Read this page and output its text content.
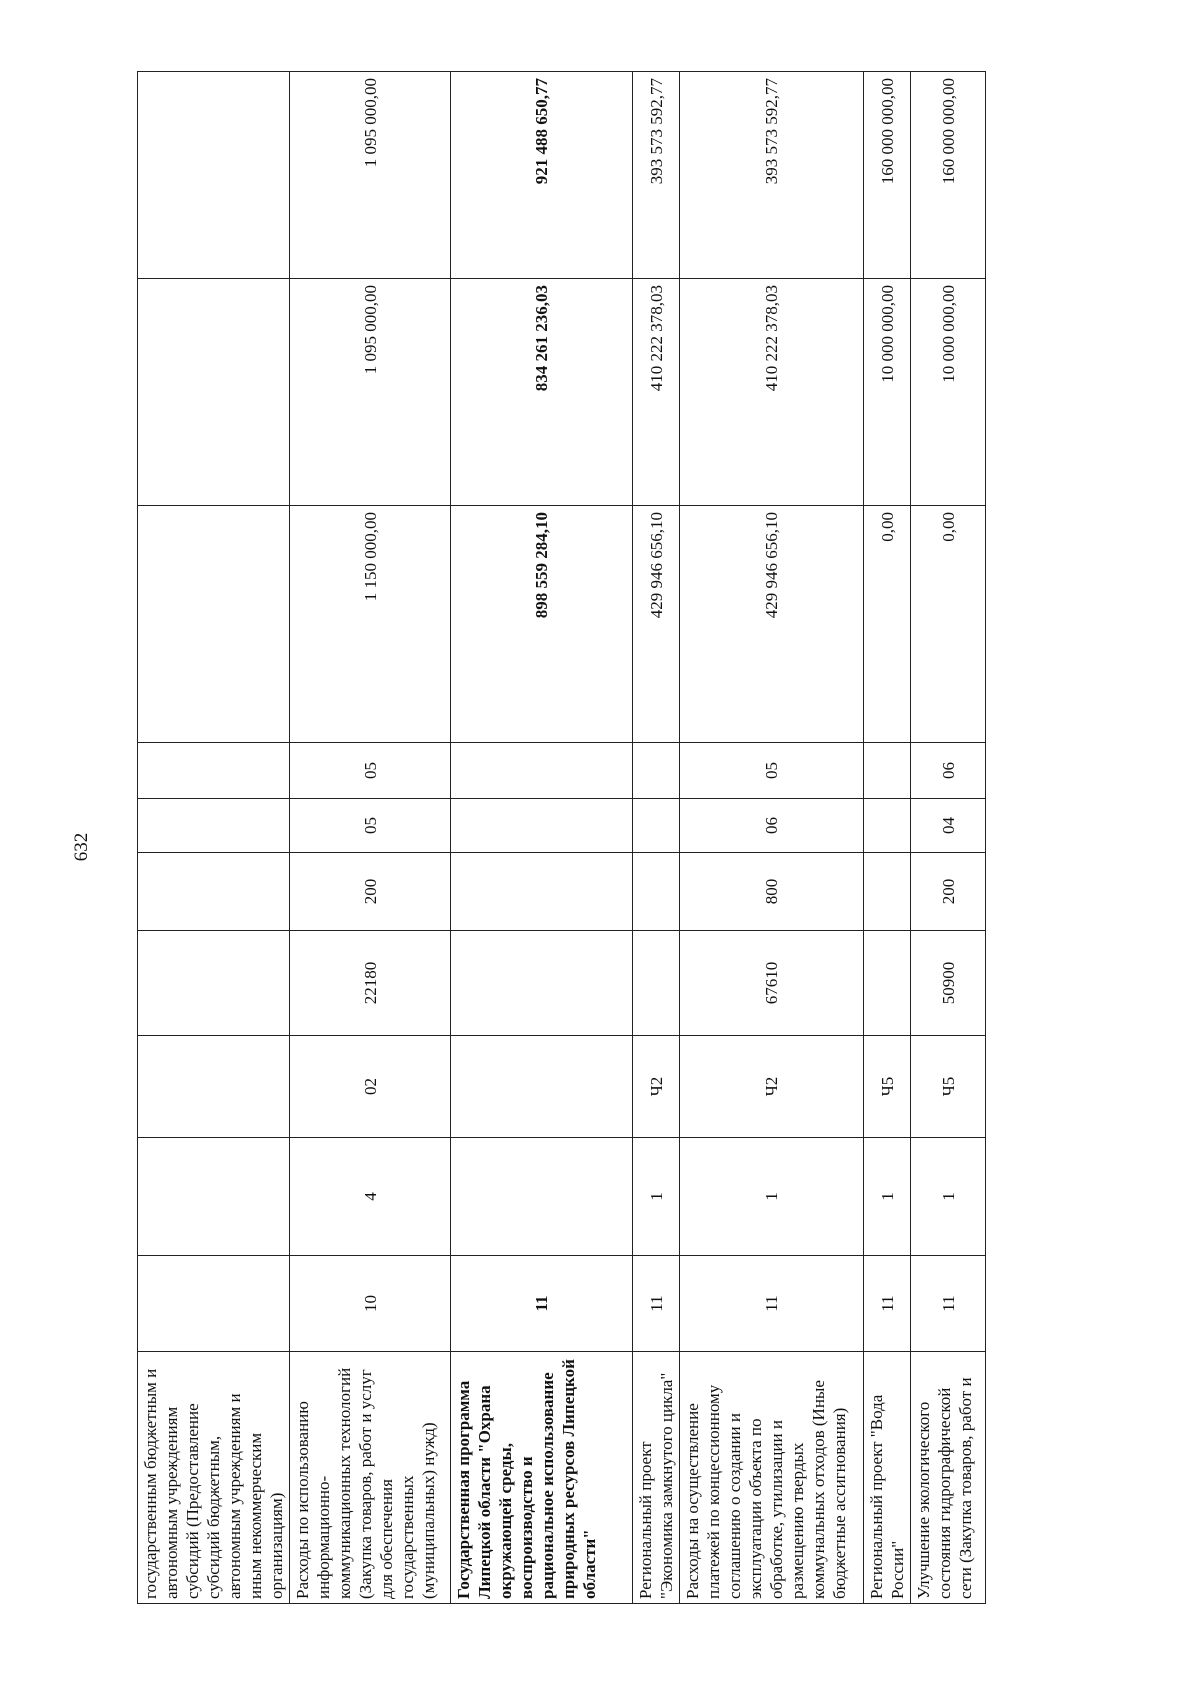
632
государственным бюджетным и автономным учреждениям субсидий (Предоставление субсидий бюджетным, автономным учреждениям и иным некоммерческим организациям)										
Расходы по использованию информационно-коммуникационных технологий (Закупка товаров, работ и услуг для обеспечения государственных (муниципальных) нужд)	10	4	02	22180	200	05	05	1 150 000,00	1 095 000,00	1 095 000,00
Государственная программа Липецкой области "Охрана окружающей среды, воспроизводство и рациональное использование природных ресурсов Липецкой области"	11							898 559 284,10	834 261 236,03	921 488 650,77
Региональный проект "Экономика замкнутого цикла"	11	1	Ч2					429 946 656,10	410 222 378,03	393 573 592,77
Расходы на осуществление платежей по концессионному соглашению о создании и эксплуатации объекта по обработке, утилизации и размещению твердых коммунальных отходов (Иные бюджетные ассигнования)	11	1	Ч2	67610	800	06	05	429 946 656,10	410 222 378,03	393 573 592,77
Региональный проект "Вода России"	11	1	Ч5					0,00	10 000 000,00	160 000 000,00
Улучшение экологического состояния гидрографической сети (Закупка товаров, работ и	11	1	Ч5	50900	200	04	06	0,00	10 000 000,00	160 000 000,00
